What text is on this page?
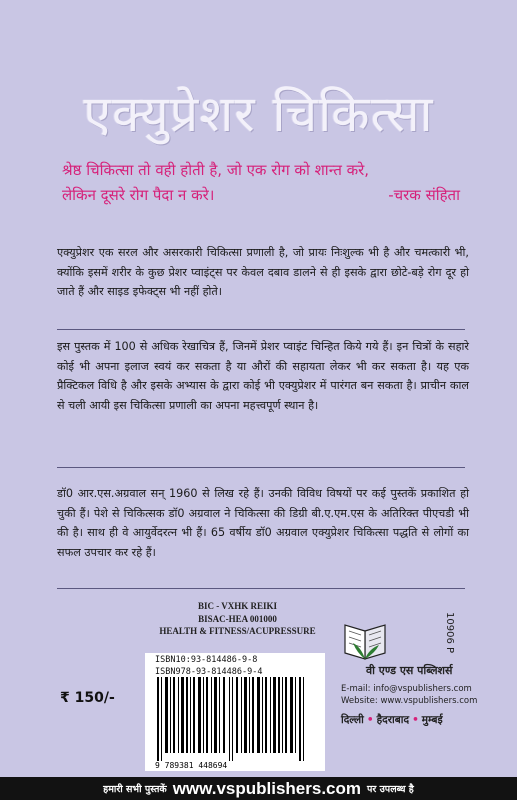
एक्युप्रेशर चिकित्सा
श्रेष्ठ चिकित्सा तो वही होती है, जो एक रोग को शान्त करे,
लेकिन दूसरे रोग पैदा न करे।	-चरक संहिता
एक्युप्रेशर एक सरल और असरकारी चिकित्सा प्रणाली है, जो प्रायः निःशुल्क भी है और चमत्कारी भी, क्योंकि इसमें शरीर के कुछ प्रेशर प्वाइंट्स पर केवल दबाव डालने से ही इसके द्वारा छोटे-बड़े रोग दूर हो जाते हैं और साइड इफेक्ट्स भी नहीं होते।
इस पुस्तक में 100 से अधिक रेखाचित्र हैं, जिनमें प्रेशर प्वाइंट चिन्हित किये गये हैं। इन चित्रों के सहारे कोई भी अपना इलाज स्वयं कर सकता है या औरों की सहायता लेकर भी कर सकता है। यह एक प्रैक्टिकल विधि है और इसके अभ्यास के द्वारा कोई भी एक्युप्रेशर में पारंगत बन सकता है। प्राचीन काल से चली आयी इस चिकित्सा प्रणाली का अपना महत्त्वपूर्ण स्थान है।
डॉ0 आर.एस.अग्रवाल सन् 1960 से लिख रहे हैं। उनकी विविध विषयों पर कई पुस्तकें प्रकाशित हो चुकी हैं। पेशे से चिकित्सक डॉ0 अग्रवाल ने चिकित्सा की डिग्री बी.ए.एम.एस के अतिरिक्त पीएचडी भी की है। साथ ही वे आयुर्वेदरत्न भी हैं। 65 वर्षीय डॉ0 अग्रवाल एक्युप्रेशर चिकित्सा पद्धति से लोगों का सफल उपचार कर रहे हैं।
BIC - VXHK REIKI
BISAC-HEA 001000
HEALTH & FITNESS/ACUPRESSURE
ISBN10:93-814486-9-8
ISBN978-93-814486-9-4
9 789381 448694
₹ 150/-
10906 P
वी एण्ड एस पब्लिशर्स
E-mail: info@vspublishers.com
Website: www.vspublishers.com
दिल्ली • हैदराबाद • मुम्बई
हमारी सभी पुस्तकें www.vspublishers.com पर उपलब्ध है
